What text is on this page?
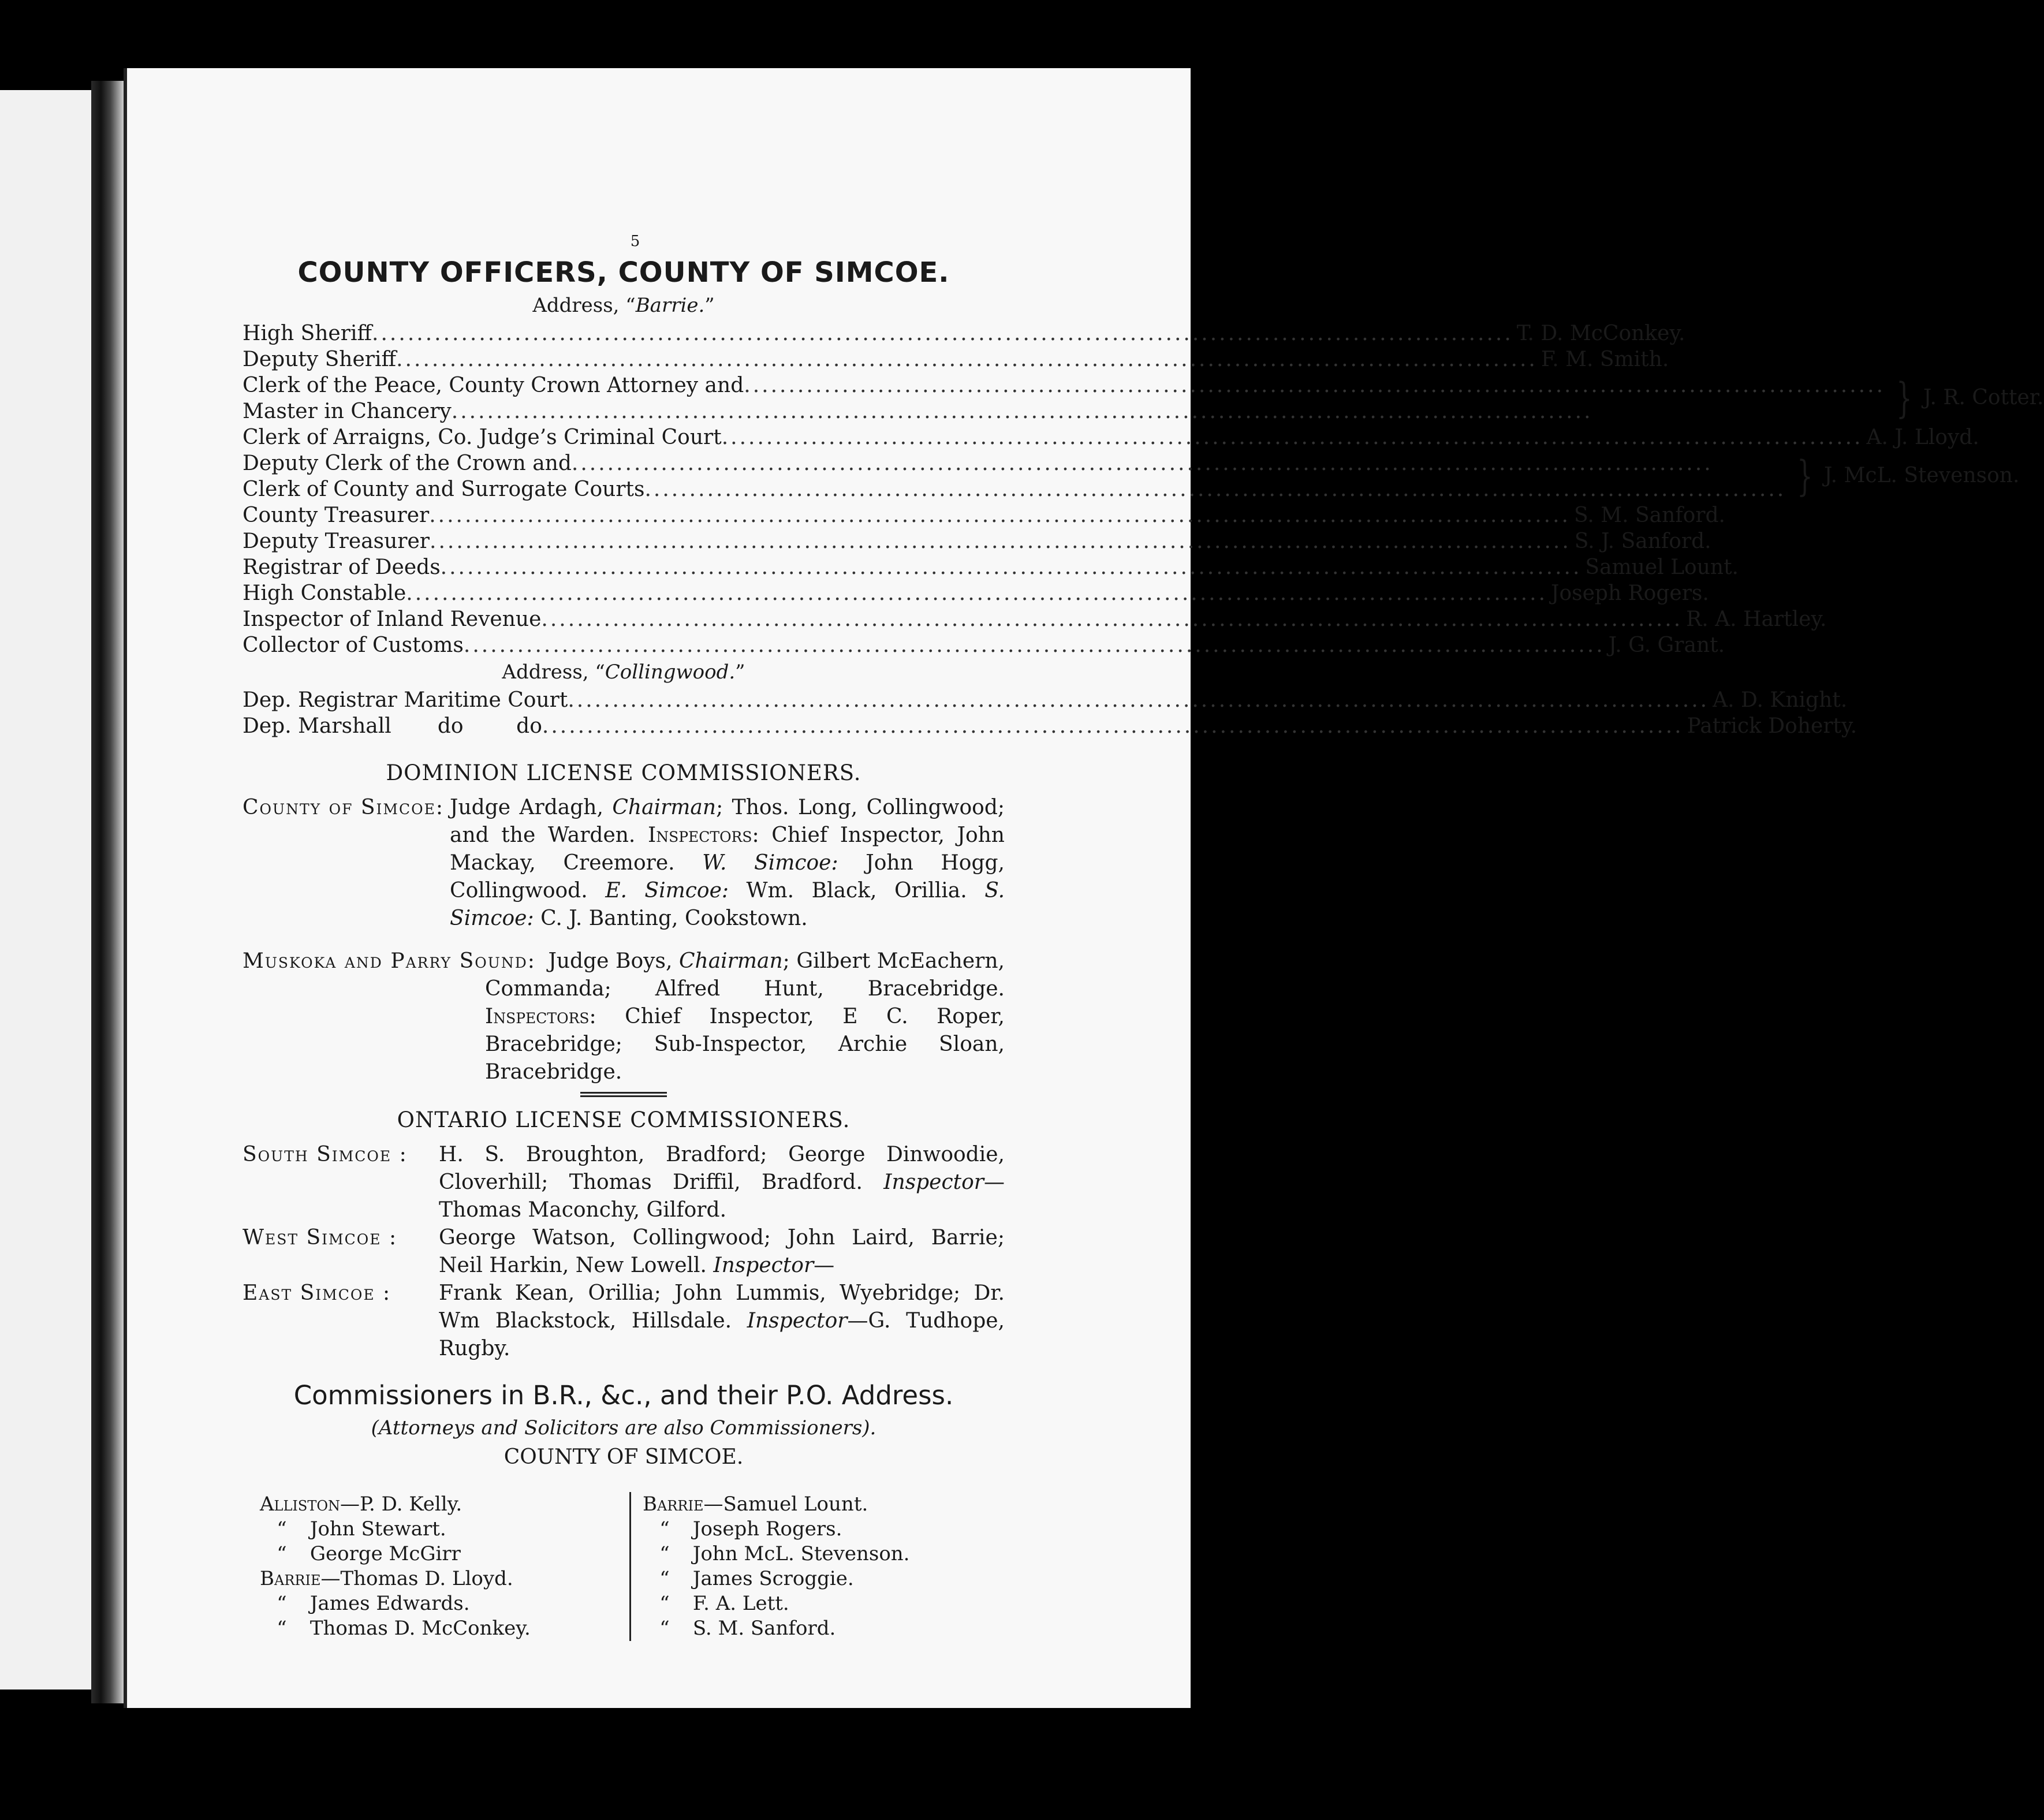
5
COUNTY OFFICERS, COUNTY OF SIMCOE.
Address, “Barrie.”
High Sheriff .....	T. D. McConkey.
Deputy Sheriff .....	F. M. Smith.
Clerk of the Peace, County Crown Attorney and
.....
Master in Chancery .....	} J. R. Cotter.
Clerk of Arraigns, Co. Judge’s Criminal Court .....	A. J. Lloyd.
Deputy Clerk of the Crown and
.....
Clerk of County and Surrogate Courts .....	} J. McL. Stevenson.
County Treasurer .....	S. M. Sanford.
Deputy Treasurer .....	S. J. Sanford.
Registrar of Deeds .....	Samuel Lount.
High Constable .....	Joseph Rogers.
Inspector of Inland Revenue .....	R. A. Hartley.
Collector of Customs .....	J. G. Grant.
Address, “Collingwood.”
Dep. Registrar Maritime Court .....	A. D. Knight.
Dep. Marshall       do        do .....	Patrick Doherty.
DOMINION LICENSE COMMISSIONERS.
County of Simcoe: Judge Ardagh, Chairman; Thos. Long, Collingwood; and the Warden. Inspectors: Chief Inspector, John Mackay, Creemore. W. Simcoe: John Hogg, Collingwood. E. Simcoe: Wm. Black, Orillia. S. Simcoe: C. J. Banting, Cookstown.
Muskoka and Parry Sound: Judge Boys, Chairman; Gilbert McEachern, Commanda; Alfred Hunt, Bracebridge. Inspectors: Chief Inspector, E C. Roper, Bracebridge; Sub-Inspector, Archie Sloan, Bracebridge.
ONTARIO LICENSE COMMISSIONERS.
South Simcoe :	H. S. Broughton, Bradford; George Dinwoodie, Cloverhill; Thomas Driffil, Bradford. Inspector—Thomas Maconchy, Gilford.
West Simcoe :	George Watson, Collingwood; John Laird, Barrie; Neil Harkin, New Lowell. Inspector—
East Simcoe :	Frank Kean, Orillia; John Lummis, Wyebridge; Dr. Wm Blackstock, Hillsdale. Inspector—G. Tudhope, Rugby.
Commissioners in B.R., &c., and their P.O. Address.
(Attorneys and Solicitors are also Commissioners).
COUNTY OF SIMCOE.
Alliston—P. D. Kelly.
“ John Stewart.
“ George McGirr
Barrie—Thomas D. Lloyd.
“ James Edwards.
“ Thomas D. McConkey.
Barrie—Samuel Lount.
“ Joseph Rogers.
“ John McL. Stevenson.
“ James Scroggie.
“ F. A. Lett.
“ S. M. Sanford.
